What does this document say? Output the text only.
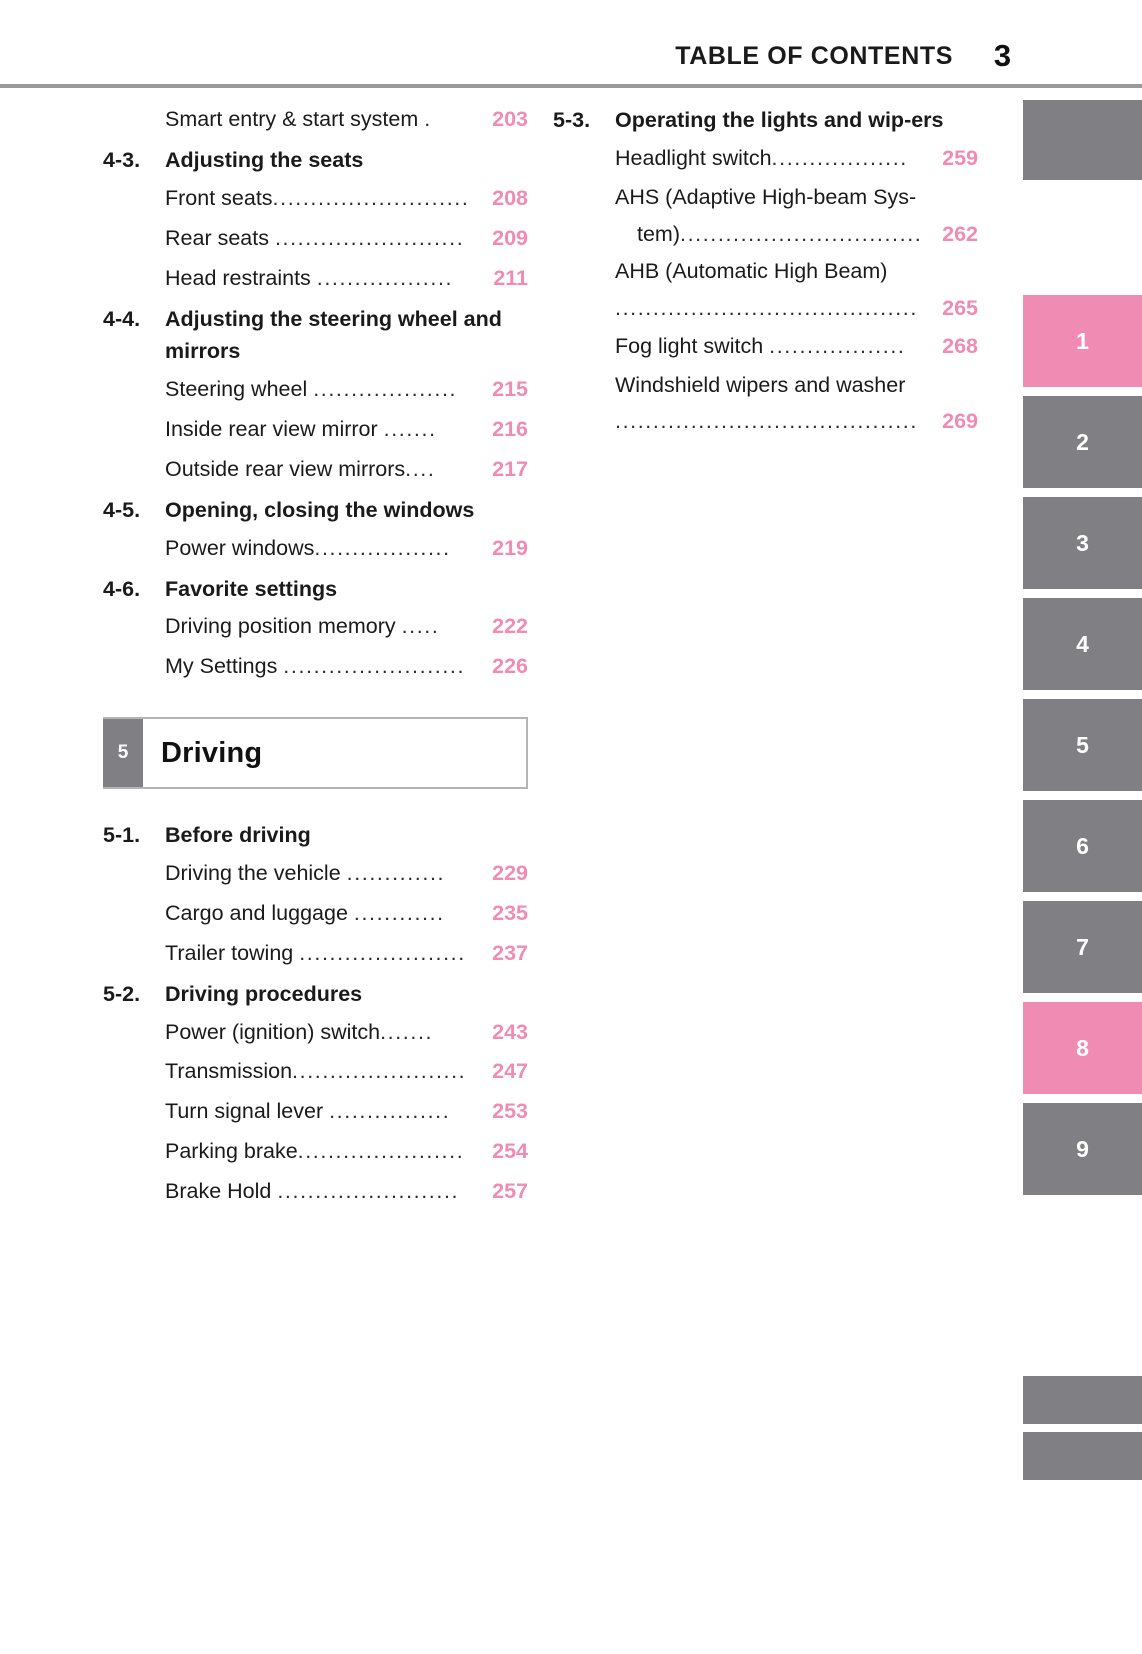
TABLE OF CONTENTS	3
Smart entry & start system .	203
4-3.	Adjusting the seats
Front seats ..........................	208
Rear seats .........................	209
Head restraints ..................	211
4-4.	Adjusting the steering wheel and mirrors
Steering wheel ...................	215
Inside rear view mirror .......	216
Outside rear view mirrors ....	217
4-5.	Opening, closing the windows
Power windows ..................	219
4-6.	Favorite settings
Driving position memory .....	222
My Settings ........................	226
5	Driving
5-1.	Before driving
Driving the vehicle .............	229
Cargo and luggage ............	235
Trailer towing ......................	237
5-2.	Driving procedures
Power (ignition) switch .......	243
Transmission .......................	247
Turn signal lever ................	253
Parking brake ......................	254
Brake Hold ........................	257
5-3.	Operating the lights and wip-ers
Headlight switch ..................	259
AHS (Adaptive High-beam Sys-
tem) ................................ 262
AHB (Automatic High Beam)
........................................	265
Fog light switch ..................	268
Windshield wipers and washer
........................................	269
1
2
3
4
5
6
7
8
9
